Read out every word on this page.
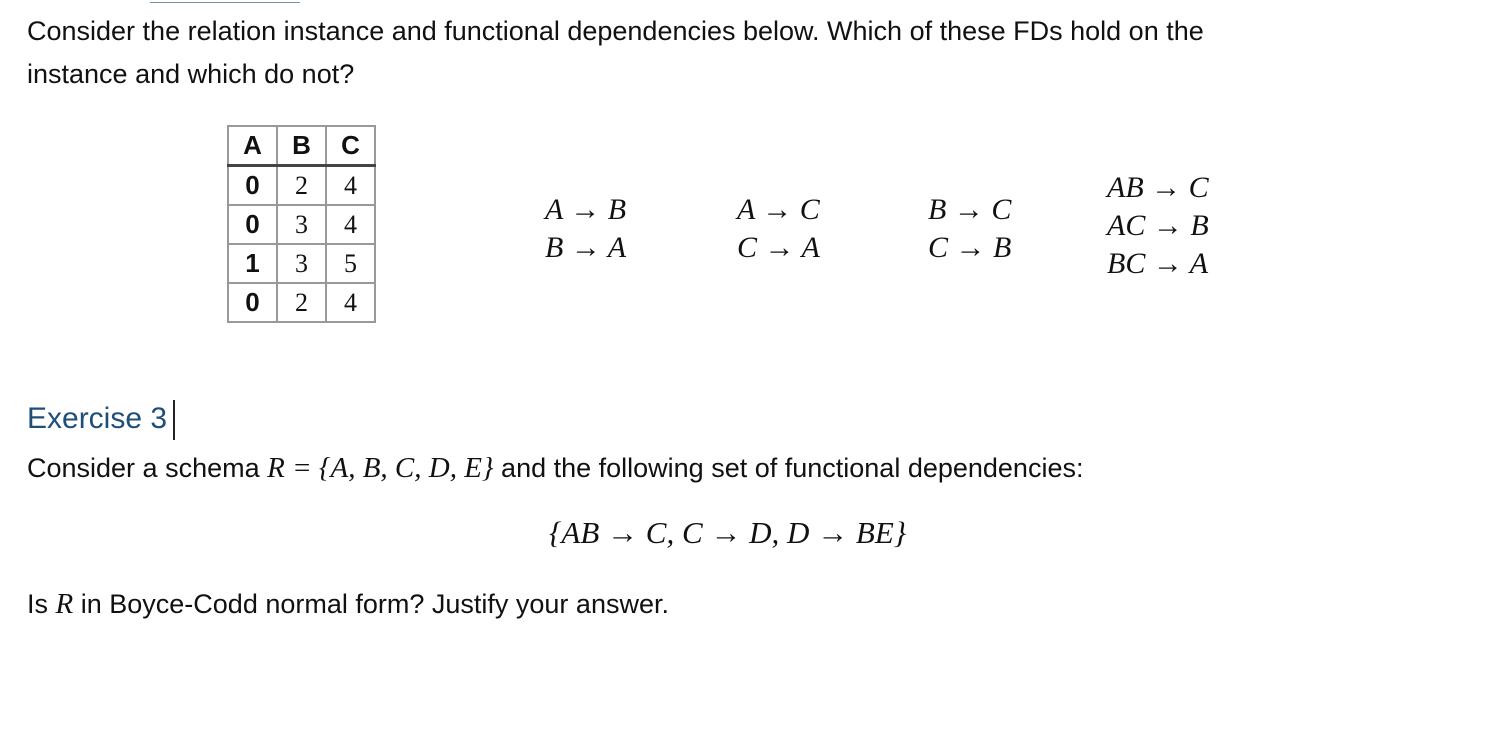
Consider the relation instance and functional dependencies below. Which of these FDs hold on the
instance and which do not?
A	B	C
0	2	4
0	3	4
1	3	5
0	2	4
A → B
B → A
A → C
C → A
B → C
C → B
AB → C
AC → B
BC → A
Exercise 3
Consider a schema R = {A, B, C, D, E} and the following set of functional dependencies:
{AB → C, C → D, D → BE}
Is R in Boyce-Codd normal form? Justify your answer.
